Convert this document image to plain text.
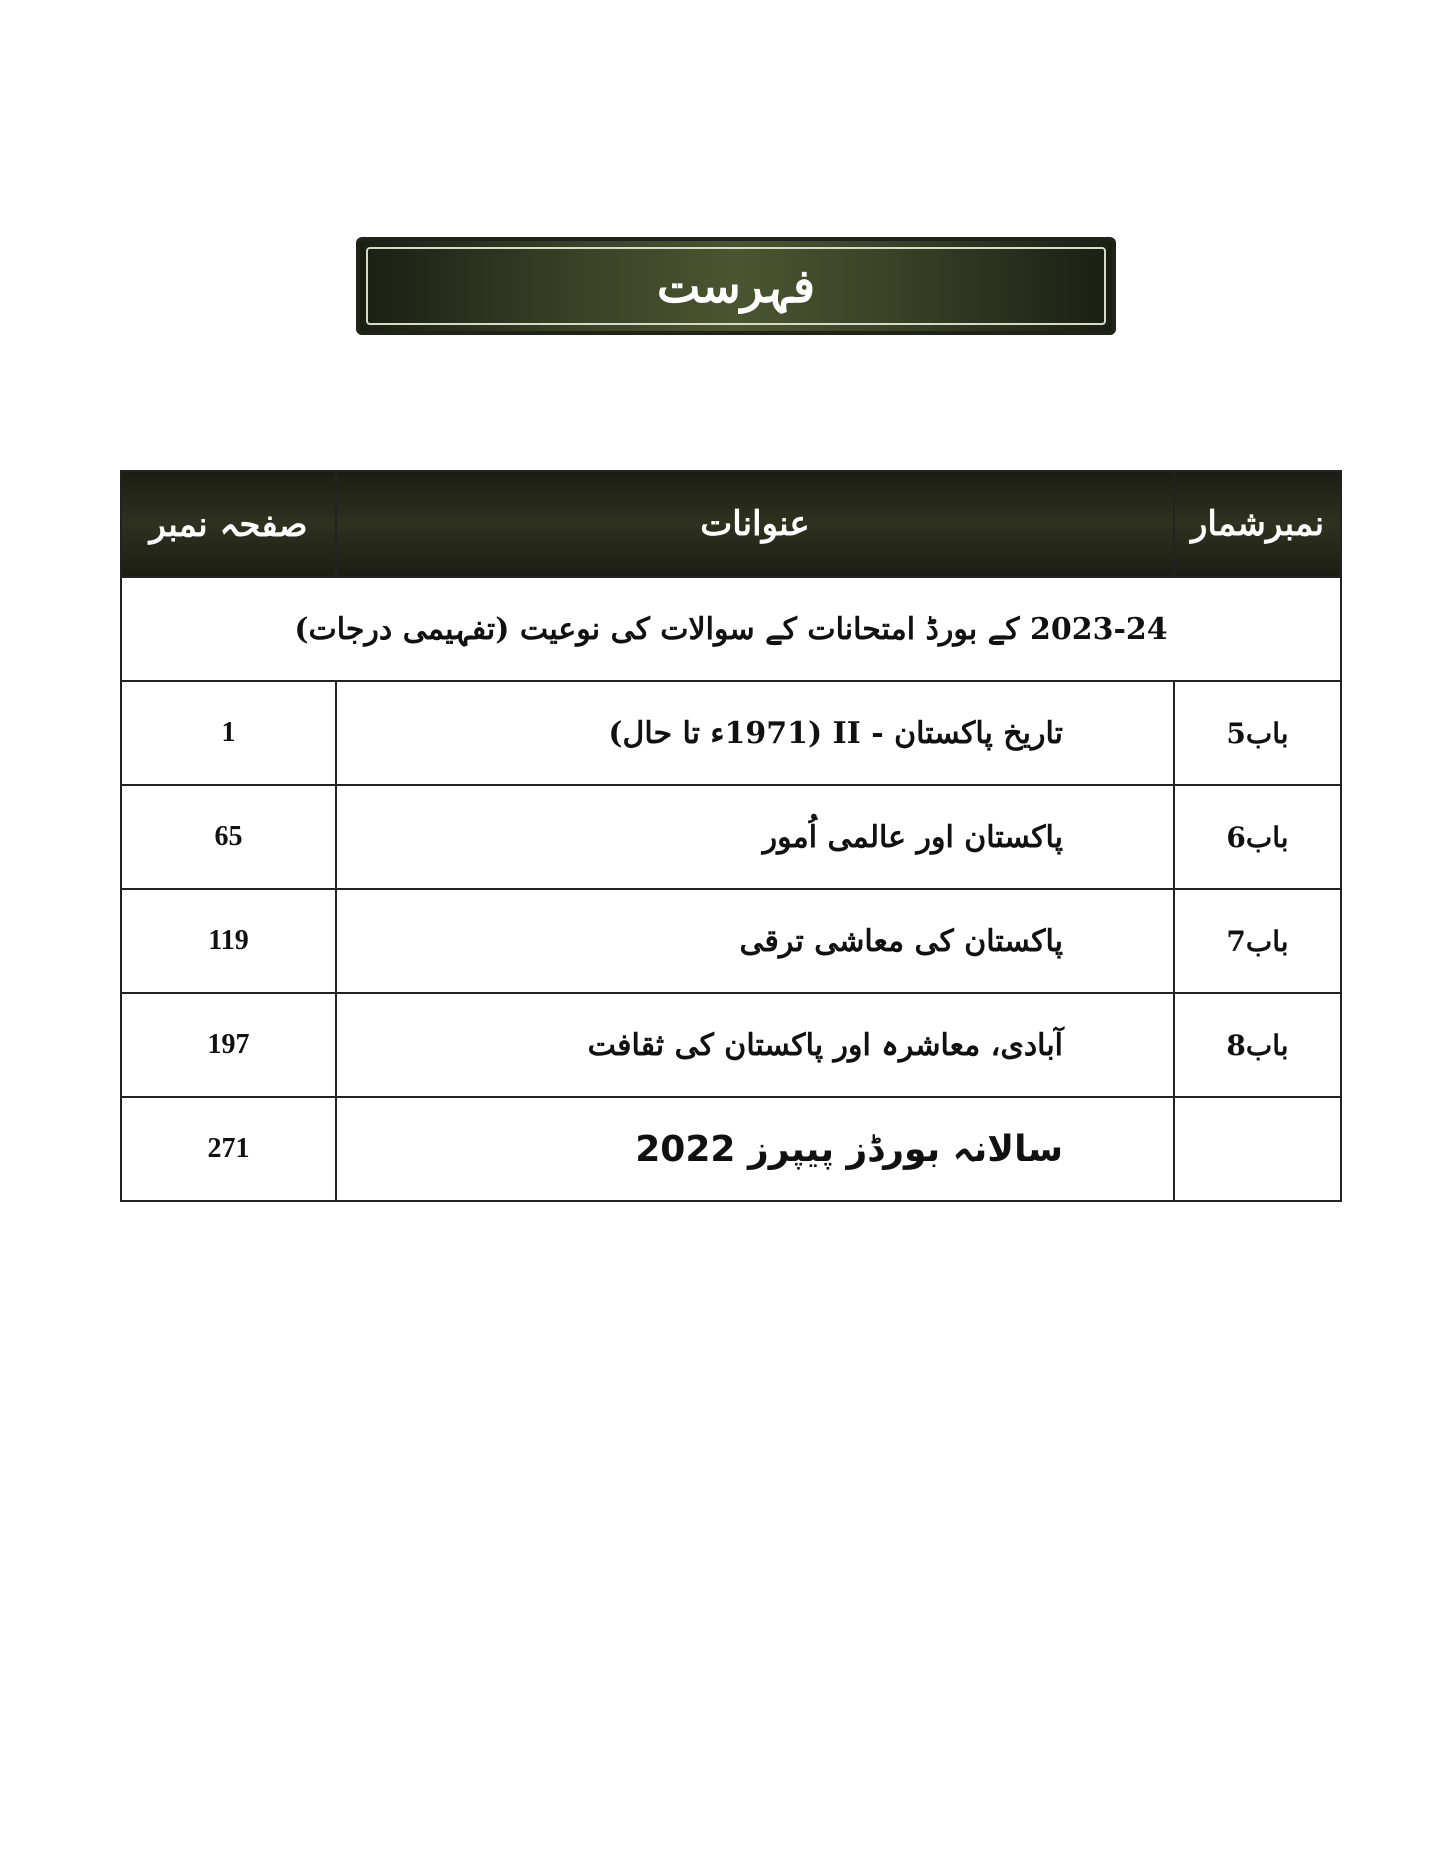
فہرست
صفحہ نمبر	عنوانات	نمبرشمار
2023-24 کے بورڈ امتحانات کے سوالات کی نوعیت (تفہیمی درجات)		
1	تاریخ پاکستان - II (1971ء تا حال)	باب5
65	پاکستان اور عالمی اُمور	باب6
119	پاکستان کی معاشی ترقی	باب7
197	آبادی، معاشرہ اور پاکستان کی ثقافت	باب8
271	سالانہ بورڈز پیپرز 2022	
